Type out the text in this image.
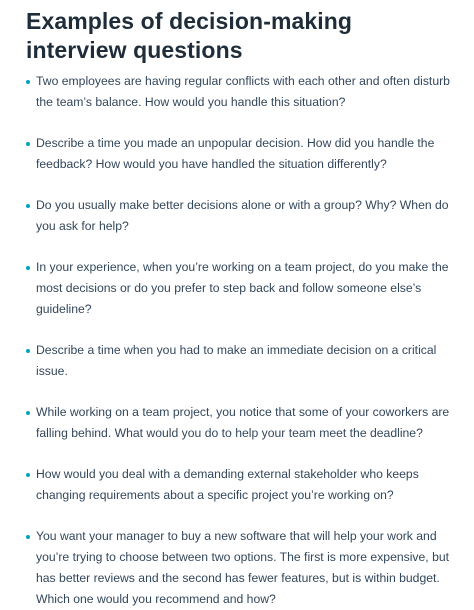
Examples of decision-making interview questions
Two employees are having regular conflicts with each other and often disturb the team’s balance. How would you handle this situation?
Describe a time you made an unpopular decision. How did you handle the feedback? How would you have handled the situation differently?
Do you usually make better decisions alone or with a group? Why? When do you ask for help?
In your experience, when you’re working on a team project, do you make the most decisions or do you prefer to step back and follow someone else’s guideline?
Describe a time when you had to make an immediate decision on a critical issue.
While working on a team project, you notice that some of your coworkers are falling behind. What would you do to help your team meet the deadline?
How would you deal with a demanding external stakeholder who keeps changing requirements about a specific project you’re working on?
You want your manager to buy a new software that will help your work and you’re trying to choose between two options. The first is more expensive, but has better reviews and the second has fewer features, but is within budget. Which one would you recommend and how?
